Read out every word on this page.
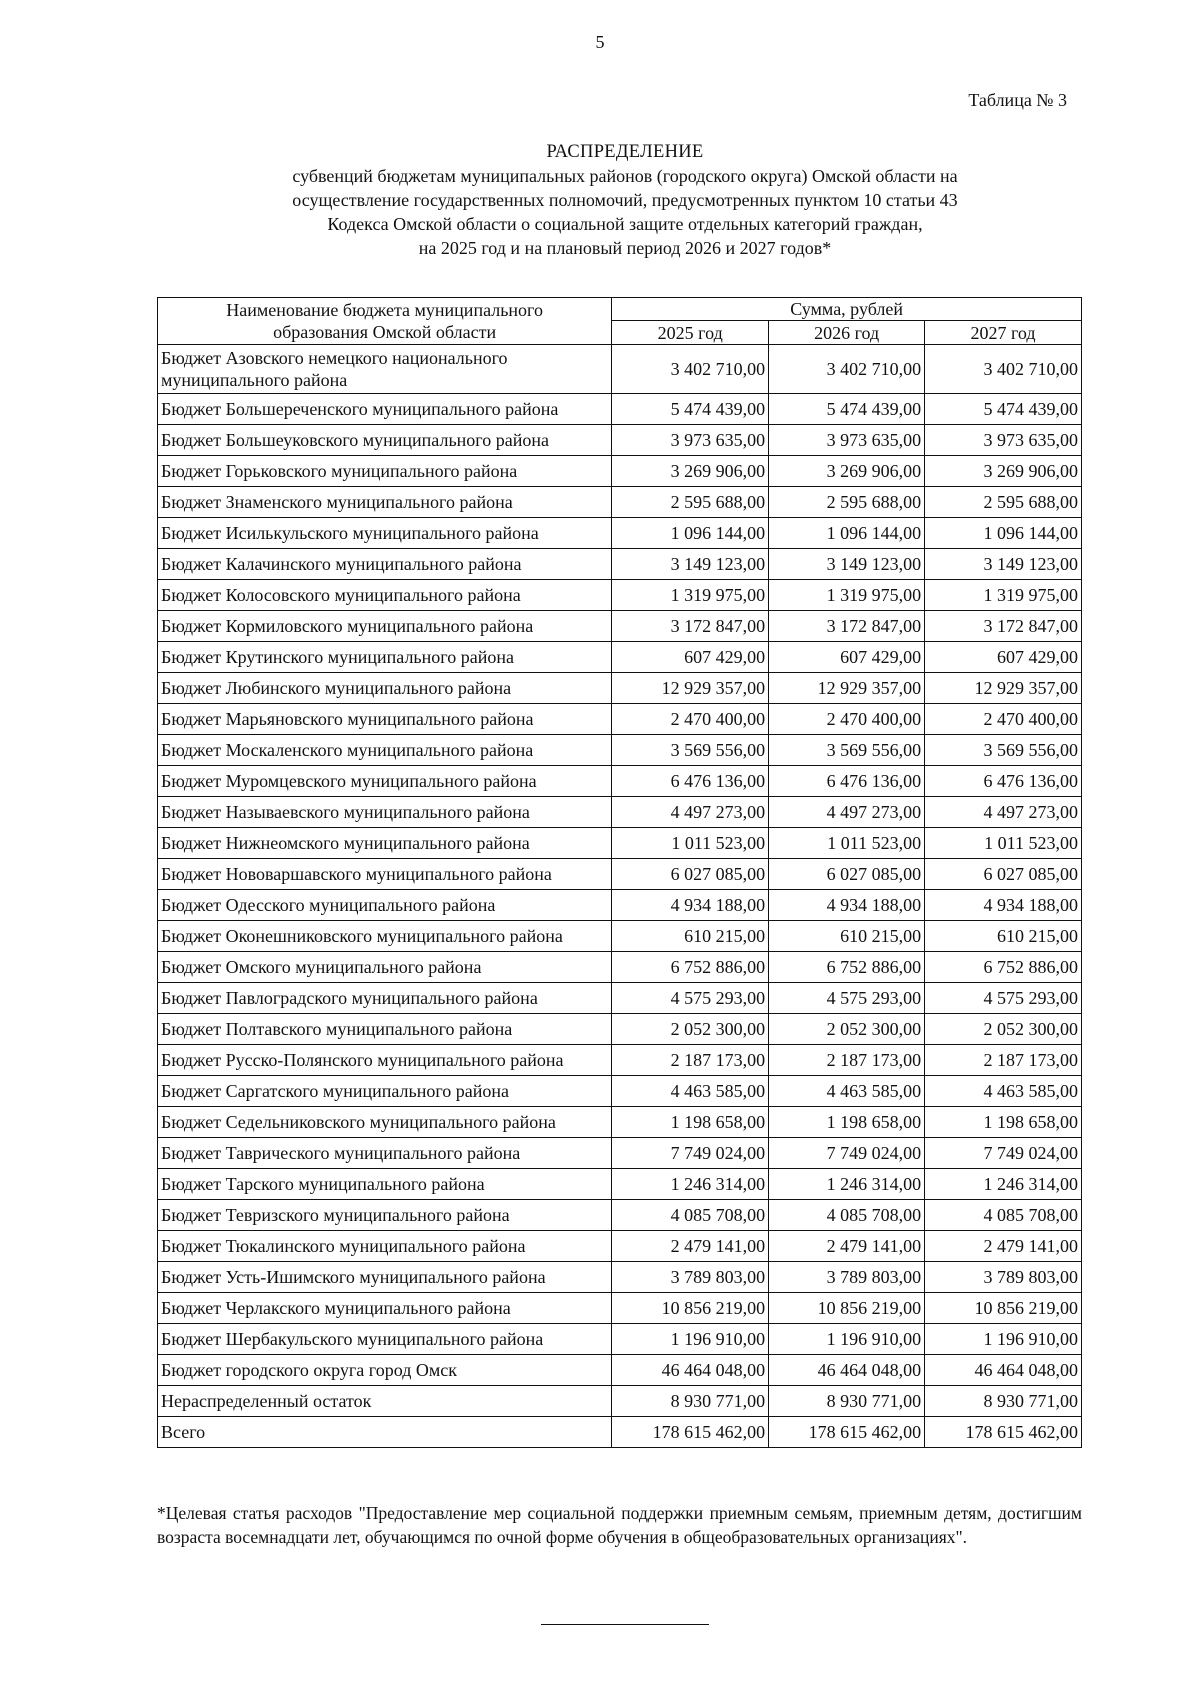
5
Таблица № 3
РАСПРЕДЕЛЕНИЕ
субвенций бюджетам муниципальных районов (городского округа) Омской области на
осуществление государственных полномочий, предусмотренных пунктом 10 статьи 43
Кодекса Омской области о социальной защите отдельных категорий граждан,
на 2025 год и на плановый период 2026 и 2027 годов*
Наименование бюджета муниципального
образования Омской области	Сумма, рублей		
	2025 год	2026 год	2027 год
Бюджет Азовского немецкого национального муниципального района	3 402 710,00	3 402 710,00	3 402 710,00
Бюджет Большереченского муниципального района	5 474 439,00	5 474 439,00	5 474 439,00
Бюджет Большеуковского муниципального района	3 973 635,00	3 973 635,00	3 973 635,00
Бюджет Горьковского муниципального района	3 269 906,00	3 269 906,00	3 269 906,00
Бюджет Знаменского муниципального района	2 595 688,00	2 595 688,00	2 595 688,00
Бюджет Исилькульского муниципального района	1 096 144,00	1 096 144,00	1 096 144,00
Бюджет Калачинского муниципального района	3 149 123,00	3 149 123,00	3 149 123,00
Бюджет Колосовского муниципального района	1 319 975,00	1 319 975,00	1 319 975,00
Бюджет Кормиловского муниципального района	3 172 847,00	3 172 847,00	3 172 847,00
Бюджет Крутинского муниципального района	607 429,00	607 429,00	607 429,00
Бюджет Любинского муниципального района	12 929 357,00	12 929 357,00	12 929 357,00
Бюджет Марьяновского муниципального района	2 470 400,00	2 470 400,00	2 470 400,00
Бюджет Москаленского муниципального района	3 569 556,00	3 569 556,00	3 569 556,00
Бюджет Муромцевского муниципального района	6 476 136,00	6 476 136,00	6 476 136,00
Бюджет Называевского муниципального района	4 497 273,00	4 497 273,00	4 497 273,00
Бюджет Нижнеомского муниципального района	1 011 523,00	1 011 523,00	1 011 523,00
Бюджет Нововаршавского муниципального района	6 027 085,00	6 027 085,00	6 027 085,00
Бюджет Одесского муниципального района	4 934 188,00	4 934 188,00	4 934 188,00
Бюджет Оконешниковского муниципального района	610 215,00	610 215,00	610 215,00
Бюджет Омского муниципального района	6 752 886,00	6 752 886,00	6 752 886,00
Бюджет Павлоградского муниципального района	4 575 293,00	4 575 293,00	4 575 293,00
Бюджет Полтавского муниципального района	2 052 300,00	2 052 300,00	2 052 300,00
Бюджет Русско-Полянского муниципального района	2 187 173,00	2 187 173,00	2 187 173,00
Бюджет Саргатского муниципального района	4 463 585,00	4 463 585,00	4 463 585,00
Бюджет Седельниковского муниципального района	1 198 658,00	1 198 658,00	1 198 658,00
Бюджет Таврического муниципального района	7 749 024,00	7 749 024,00	7 749 024,00
Бюджет Тарского муниципального района	1 246 314,00	1 246 314,00	1 246 314,00
Бюджет Тевризского муниципального района	4 085 708,00	4 085 708,00	4 085 708,00
Бюджет Тюкалинского муниципального района	2 479 141,00	2 479 141,00	2 479 141,00
Бюджет Усть-Ишимского муниципального района	3 789 803,00	3 789 803,00	3 789 803,00
Бюджет Черлакского муниципального района	10 856 219,00	10 856 219,00	10 856 219,00
Бюджет Шербакульского муниципального района	1 196 910,00	1 196 910,00	1 196 910,00
Бюджет городского округа город Омск	46 464 048,00	46 464 048,00	46 464 048,00
Нераспределенный остаток	8 930 771,00	8 930 771,00	8 930 771,00
Всего	178 615 462,00	178 615 462,00	178 615 462,00
*Целевая статья расходов "Предоставление мер социальной поддержки приемным семьям, приемным детям, достигшим возраста восемнадцати лет, обучающимся по очной форме обучения в общеобразовательных организациях".
